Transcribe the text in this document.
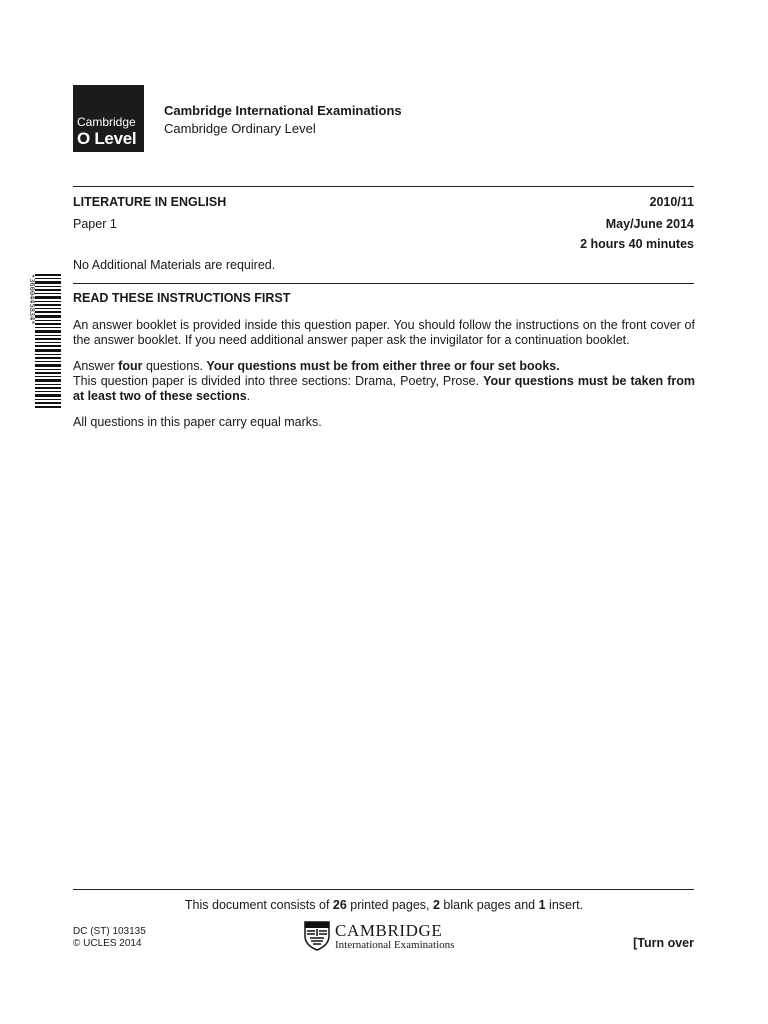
Cambridge
O Level
Cambridge International Examinations
Cambridge Ordinary Level
LITERATURE IN ENGLISH	2010/11
Paper 1	May/June 2014
2 hours 40 minutes
No Additional Materials are required.
*3600445834*	READ THESE INSTRUCTIONS FIRST
An answer booklet is provided inside this question paper. You should follow the instructions on the front cover of the answer booklet. If you need additional answer paper ask the invigilator for a continuation booklet.
Answer four questions. Your questions must be from either three or four set books.
This question paper is divided into three sections: Drama, Poetry, Prose. Your questions must be taken from at least two of these sections.
All questions in this paper carry equal marks.
This document consists of 26 printed pages, 2 blank pages and 1 insert.
DC (ST) 103135
© UCLES 2014
CAMBRIDGE
International Examinations	[Turn over
